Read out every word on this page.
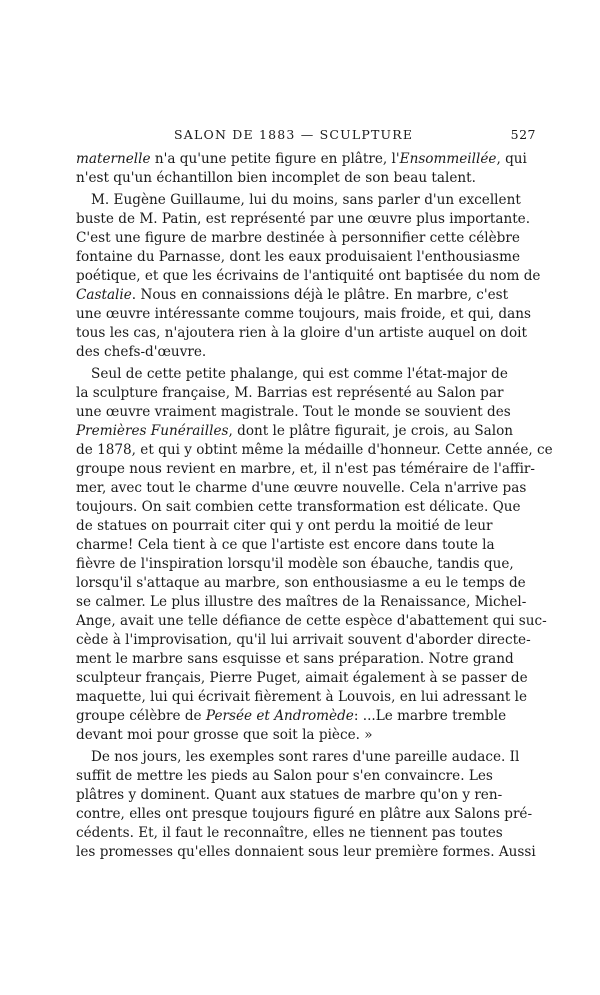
SALON DE 1883 — SCULPTURE	527
maternelle n'a qu'une petite figure en plâtre, l'Ensommeillée, qui
n'est qu'un échantillon bien incomplet de son beau talent.
M. Eugène Guillaume, lui du moins, sans parler d'un excellent
buste de M. Patin, est représenté par une œuvre plus importante.
C'est une figure de marbre destinée à personnifier cette célèbre
fontaine du Parnasse, dont les eaux produisaient l'enthousiasme
poétique, et que les écrivains de l'antiquité ont baptisée du nom de
Castalie. Nous en connaissions déjà le plâtre. En marbre, c'est
une œuvre intéressante comme toujours, mais froide, et qui, dans
tous les cas, n'ajoutera rien à la gloire d'un artiste auquel on doit
des chefs-d'œuvre.
Seul de cette petite phalange, qui est comme l'état-major de
la sculpture française, M. Barrias est représenté au Salon par
une œuvre vraiment magistrale. Tout le monde se souvient des
Premières Funérailles, dont le plâtre figurait, je crois, au Salon
de 1878, et qui y obtint même la médaille d'honneur. Cette année, ce
groupe nous revient en marbre, et, il n'est pas téméraire de l'affir-
mer, avec tout le charme d'une œuvre nouvelle. Cela n'arrive pas
toujours. On sait combien cette transformation est délicate. Que
de statues on pourrait citer qui y ont perdu la moitié de leur
charme! Cela tient à ce que l'artiste est encore dans toute la
fièvre de l'inspiration lorsqu'il modèle son ébauche, tandis que,
lorsqu'il s'attaque au marbre, son enthousiasme a eu le temps de
se calmer. Le plus illustre des maîtres de la Renaissance, Michel-
Ange, avait une telle défiance de cette espèce d'abattement qui suc-
cède à l'improvisation, qu'il lui arrivait souvent d'aborder directe-
ment le marbre sans esquisse et sans préparation. Notre grand
sculpteur français, Pierre Puget, aimait également à se passer de
maquette, lui qui écrivait fièrement à Louvois, en lui adressant le
groupe célèbre de Persée et Andromède: ...Le marbre tremble
devant moi pour grosse que soit la pièce. »
De nos jours, les exemples sont rares d'une pareille audace. Il
suffit de mettre les pieds au Salon pour s'en convaincre. Les
plâtres y dominent. Quant aux statues de marbre qu'on y ren-
contre, elles ont presque toujours figuré en plâtre aux Salons pré-
cédents. Et, il faut le reconnaître, elles ne tiennent pas toutes
les promesses qu'elles donnaient sous leur première formes. Aussi
